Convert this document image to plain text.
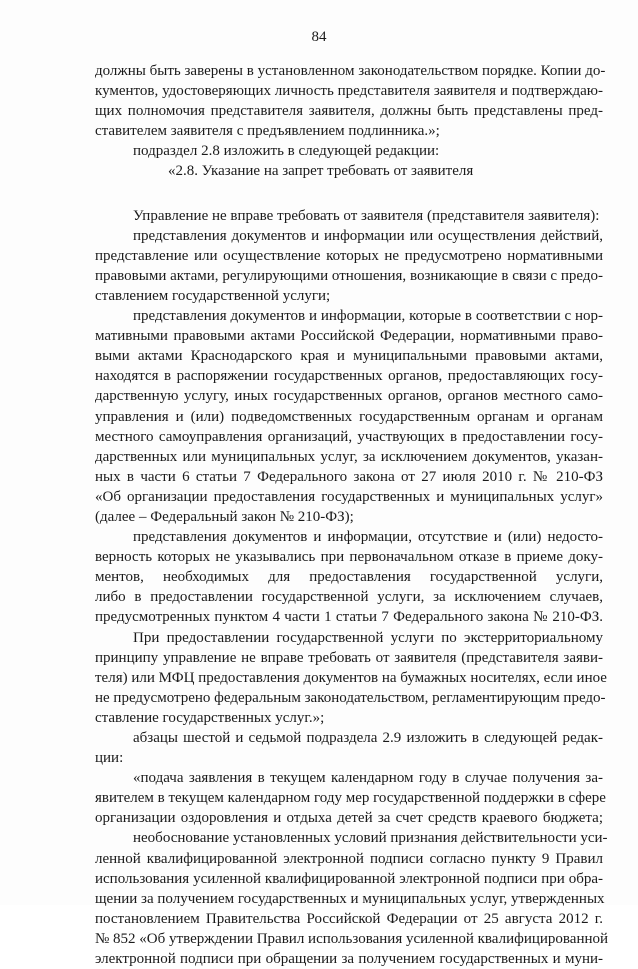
84
должны быть заверены в установленном законодательством порядке. Копии до-
кументов, удостоверяющих личность представителя заявителя и подтверждаю-
щих полномочия представителя заявителя, должны быть представлены пред-
ставителем заявителя с предъявлением подлинника.»;
подраздел 2.8 изложить в следующей редакции:
«2.8. Указание на запрет требовать от заявителя
Управление не вправе требовать от заявителя (представителя заявителя):
представления документов и информации или осуществления действий,
представление или осуществление которых не предусмотрено нормативными
правовыми актами, регулирующими отношения, возникающие в связи с предо-
ставлением государственной услуги;
представления документов и информации, которые в соответствии с нор-
мативными правовыми актами Российской Федерации, нормативными право-
выми актами Краснодарского края и муниципальными правовыми актами,
находятся в распоряжении государственных органов, предоставляющих госу-
дарственную услугу, иных государственных органов, органов местного само-
управления и (или) подведомственных государственным органам и органам
местного самоуправления организаций, участвующих в предоставлении госу-
дарственных или муниципальных услуг, за исключением документов, указан-
ных в части 6 статьи 7 Федерального закона от 27 июля 2010 г. № 210-ФЗ
«Об организации предоставления государственных и муниципальных услуг»
(далее – Федеральный закон № 210-ФЗ);
представления документов и информации, отсутствие и (или) недосто-
верность которых не указывались при первоначальном отказе в приеме доку-
ментов, необходимых для предоставления государственной услуги,
либо в предоставлении государственной услуги, за исключением случаев,
предусмотренных пунктом 4 части 1 статьи 7 Федерального закона № 210-ФЗ.
При предоставлении государственной услуги по экстерриториальному
принципу управление не вправе требовать от заявителя (представителя заяви-
теля) или МФЦ предоставления документов на бумажных носителях, если иное
не предусмотрено федеральным законодательством, регламентирующим предо-
ставление государственных услуг.»;
абзацы шестой и седьмой подраздела 2.9 изложить в следующей редак-
ции:
«подача заявления в текущем календарном году в случае получения за-
явителем в текущем календарном году мер государственной поддержки в сфере
организации оздоровления и отдыха детей за счет средств краевого бюджета;
необоснование установленных условий признания действительности уси-
ленной квалифицированной электронной подписи согласно пункту 9 Правил
использования усиленной квалифицированной электронной подписи при обра-
щении за получением государственных и муниципальных услуг, утвержденных
постановлением Правительства Российской Федерации от 25 августа 2012 г.
№ 852 «Об утверждении Правил использования усиленной квалифицированной
электронной подписи при обращении за получением государственных и муни-
